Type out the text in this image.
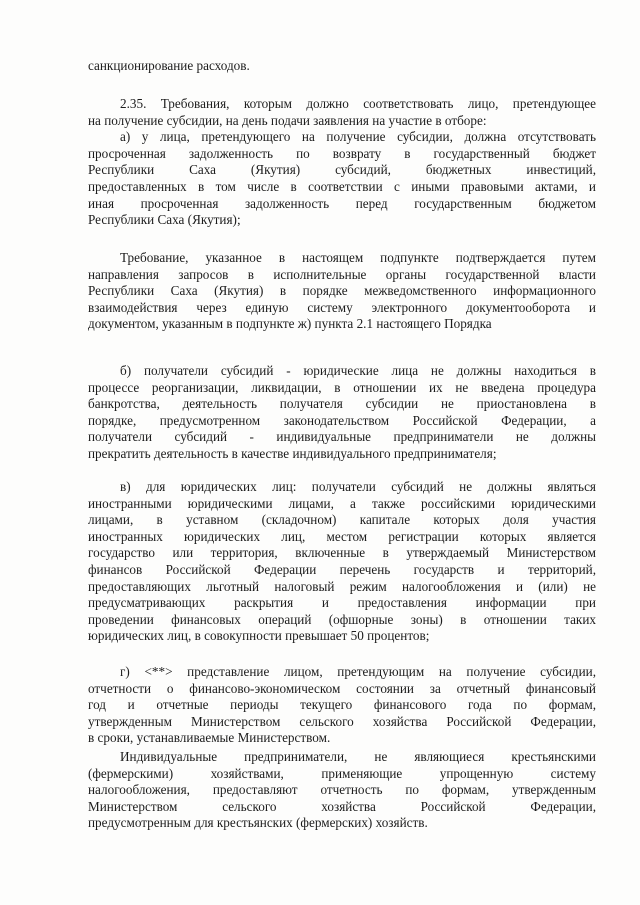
санкционирование расходов.
2.35. Требования, которым должно соответствовать лицо, претендующее
на получение субсидии, на день подачи заявления на участие в отборе:
а) у лица, претендующего на получение субсидии, должна отсутствовать
просроченная задолженность по возврату в государственный бюджет
Республики Саха (Якутия) субсидий, бюджетных инвестиций,
предоставленных в том числе в соответствии с иными правовыми актами, и
иная просроченная задолженность перед государственным бюджетом
Республики Саха (Якутия);
Требование, указанное в настоящем подпункте подтверждается путем
направления запросов в исполнительные органы государственной власти
Республики Саха (Якутия) в порядке межведомственного информационного
взаимодействия через единую систему электронного документооборота и
документом, указанным в подпункте ж) пункта 2.1 настоящего Порядка
б) получатели субсидий - юридические лица не должны находиться в
процессе реорганизации, ликвидации, в отношении их не введена процедура
банкротства, деятельность получателя субсидии не приостановлена в
порядке, предусмотренном законодательством Российской Федерации, а
получатели субсидий - индивидуальные предприниматели не должны
прекратить деятельность в качестве индивидуального предпринимателя;
в) для юридических лиц: получатели субсидий не должны являться
иностранными юридическими лицами, а также российскими юридическими
лицами, в уставном (складочном) капитале которых доля участия
иностранных юридических лиц, местом регистрации которых является
государство или территория, включенные в утверждаемый Министерством
финансов Российской Федерации перечень государств и территорий,
предоставляющих льготный налоговый режим налогообложения и (или) не
предусматривающих раскрытия и предоставления информации при
проведении финансовых операций (офшорные зоны) в отношении таких
юридических лиц, в совокупности превышает 50 процентов;
г) <**> представление лицом, претендующим на получение субсидии,
отчетности о финансово-экономическом состоянии за отчетный финансовый
год и отчетные периоды текущего финансового года по формам,
утвержденным Министерством сельского хозяйства Российской Федерации,
в сроки, устанавливаемые Министерством.
Индивидуальные предприниматели, не являющиеся крестьянскими
(фермерскими) хозяйствами, применяющие упрощенную систему
налогообложения, предоставляют отчетность по формам, утвержденным
Министерством сельского хозяйства Российской Федерации,
предусмотренным для крестьянских (фермерских) хозяйств.
